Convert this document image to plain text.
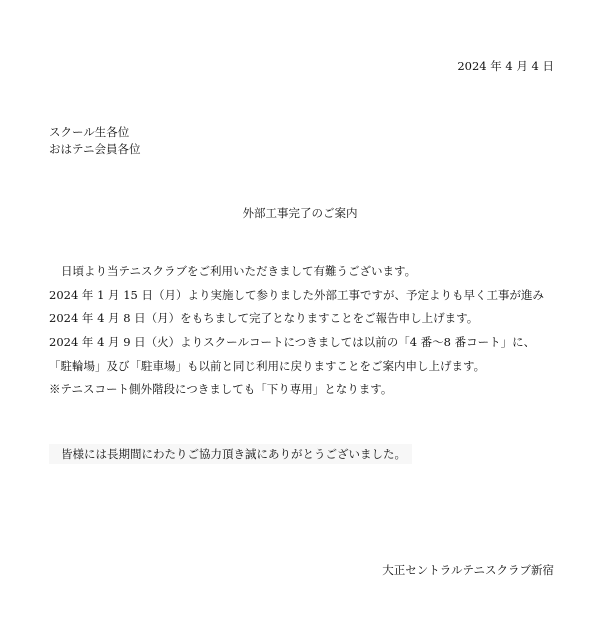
2024 年 4 月 4 日
スクール生各位
おはテニ会員各位
外部工事完了のご案内

日頃より当テニスクラブをご利用いただきまして有難うございます。

2024 年 1 月 15 日（月）より実施して参りました外部工事ですが、予定よりも早く工事が進み

2024 年 4 月 8 日（月）をもちまして完了となりますことをご報告申し上げます。

2024 年 4 月 9 日（火）よりスクールコートにつきましては以前の「4 番～8 番コート」に、

「駐輪場」及び「駐車場」も以前と同じ利用に戻りますことをご案内申し上げます。

※テニスコート側外階段につきましても「下り専用」となります。

皆様には長期間にわたりご協力頂き誠にありがとうございました。
大正セントラルテニスクラブ新宿
